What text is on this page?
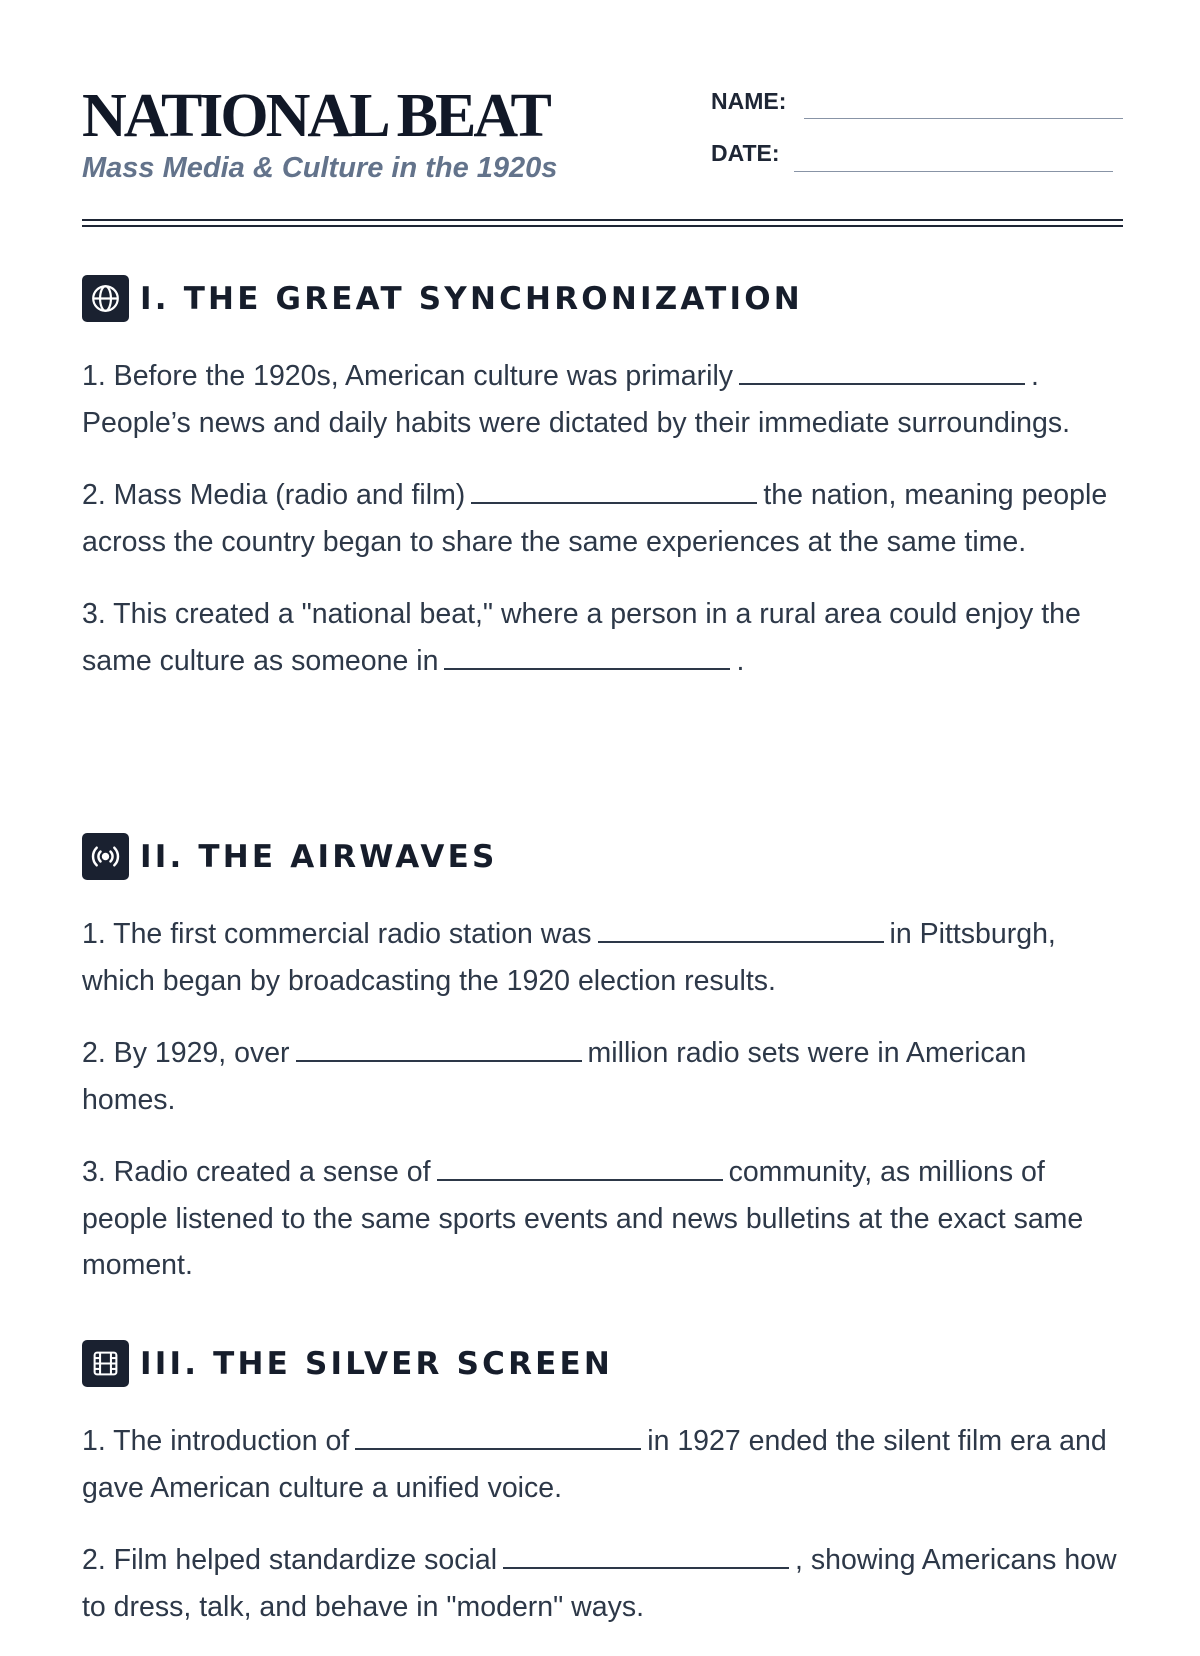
NATIONAL BEAT
Mass Media & Culture in the 1920s
NAME:
DATE:
I. THE GREAT SYNCHRONIZATION

1. Before the 1920s, American culture was primarily	. People’s news and daily habits were dictated by their immediate surroundings.

2. Mass Media (radio and film)	the nation, meaning people across the country began to share the same experiences at the same time.

3. This created a "national beat," where a person in a rural area could enjoy the same culture as someone in	.

II. THE AIRWAVES

1. The first commercial radio station was	in Pittsburgh, which began by broadcasting the 1920 election results.

2. By 1929, over	million radio sets were in American homes.

3. Radio created a sense of	community, as millions of people listened to the same sports events and news bulletins at the exact same moment.

III. THE SILVER SCREEN

1. The introduction of	in 1927 ended the silent film era and gave American culture a unified voice.

2. Film helped standardize social	, showing Americans how to dress, talk, and behave in "modern" ways.
